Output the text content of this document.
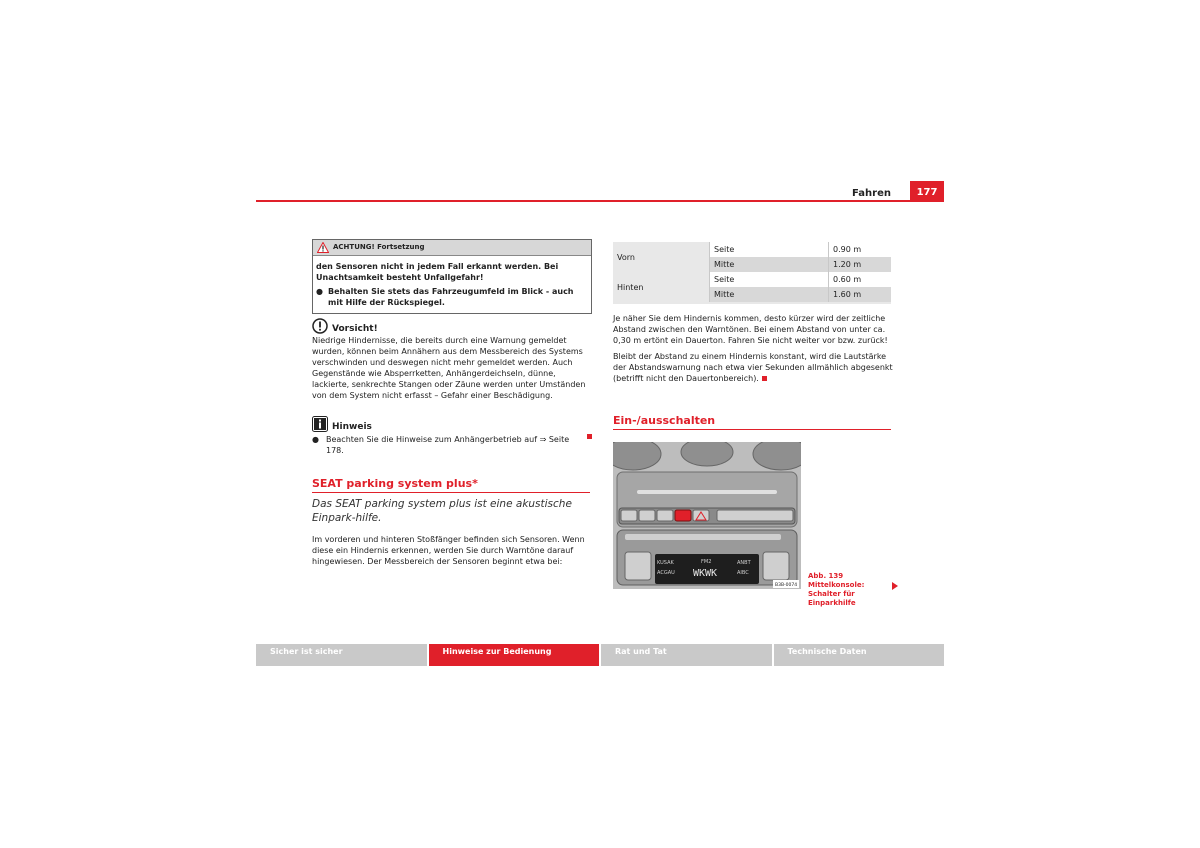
Fahren	177
ACHTUNG! Fortsetzung
den Sensoren nicht in jedem Fall erkannt werden. Bei Unachtsamkeit besteht Unfallgefahr!
● Behalten Sie stets das Fahrzeugumfeld im Blick - auch mit Hilfe der Rückspiegel.
Vorsicht!
Niedrige Hindernisse, die bereits durch eine Warnung gemeldet wurden, können beim Annähern aus dem Messbereich des Systems verschwinden und deswegen nicht mehr gemeldet werden. Auch Gegenstände wie Absperrketten, Anhängerdeichseln, dünne, lackierte, senkrechte Stangen oder Zäune werden unter Umständen von dem System nicht erfasst – Gefahr einer Beschädigung.
Hinweis
● Beachten Sie die Hinweise zum Anhängerbetrieb auf ⇒ Seite 178.
SEAT parking system plus*
Das SEAT parking system plus ist eine akustische Einpark-hilfe.
Im vorderen und hinteren Stoßfänger befinden sich Sensoren. Wenn diese ein Hindernis erkennen, werden Sie durch Warntöne darauf hingewiesen. Der Messbereich der Sensoren beginnt etwa bei:
Vorn	Seite	0.90 m
	Mitte	1.20 m
Hinten	Seite	0.60 m
	Mitte	1.60 m
Je näher Sie dem Hindernis kommen, desto kürzer wird der zeitliche Abstand zwischen den Warntönen. Bei einem Abstand von unter ca. 0,30 m ertönt ein Dauerton. Fahren Sie nicht weiter vor bzw. zurück!
Bleibt der Abstand zu einem Hindernis konstant, wird die Lautstärke der Abstandswarnung nach etwa vier Sekunden allmählich abgesenkt (betrifft nicht den Dauertonbereich).
Ein-/ausschalten
KUSAK
ACGAU
FM2
WKWK
ANBT
AIBC
B3B-0074
Abb. 139 Mittelkonsole:
Schalter für Einparkhilfe
Sicher ist sicher	Hinweise zur Bedienung	Rat und Tat	Technische Daten
